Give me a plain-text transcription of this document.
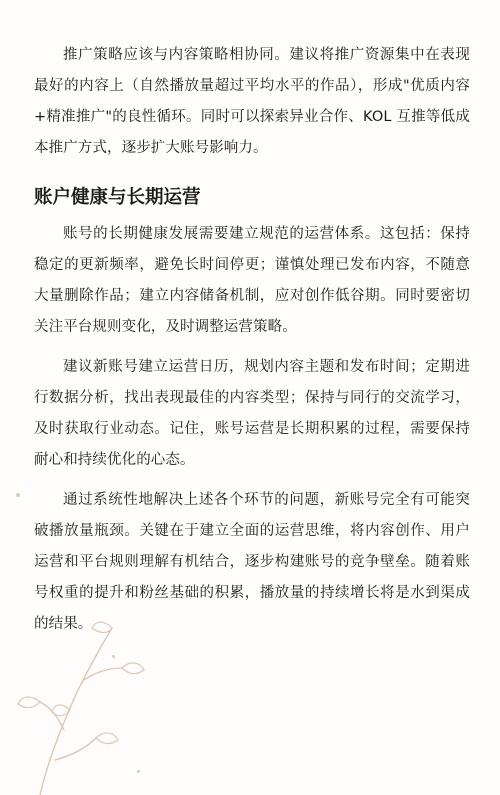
推广策略应该与内容策略相协同。建议将推广资源集中在表现最好的内容上（自然播放量超过平均水平的作品），形成"优质内容+精准推广"的良性循环。同时可以探索异业合作、KOL 互推等低成本推广方式，逐步扩大账号影响力。

账户健康与长期运营

账号的长期健康发展需要建立规范的运营体系。这包括：保持稳定的更新频率，避免长时间停更；谨慎处理已发布内容，不随意大量删除作品；建立内容储备机制，应对创作低谷期。同时要密切关注平台规则变化，及时调整运营策略。

建议新账号建立运营日历，规划内容主题和发布时间；定期进行数据分析，找出表现最佳的内容类型；保持与同行的交流学习，及时获取行业动态。记住，账号运营是长期积累的过程，需要保持耐心和持续优化的心态。

通过系统性地解决上述各个环节的问题，新账号完全有可能突破播放量瓶颈。关键在于建立全面的运营思维，将内容创作、用户运营和平台规则理解有机结合，逐步构建账号的竞争壁垒。随着账号权重的提升和粉丝基础的积累，播放量的持续增长将是水到渠成的结果。
